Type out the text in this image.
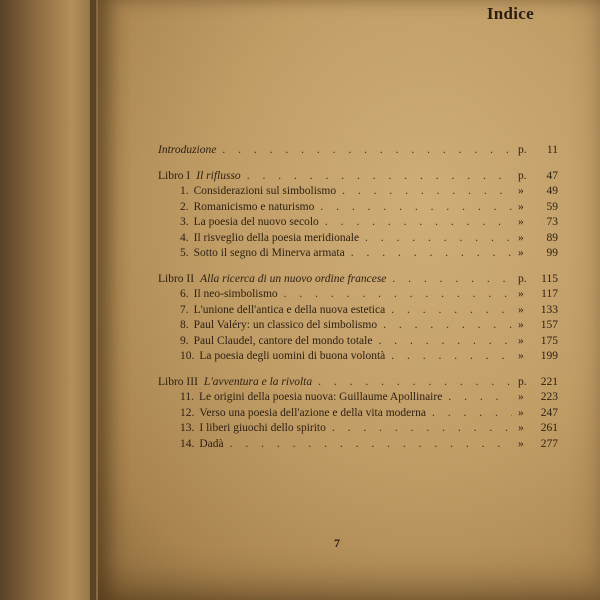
Indice
Introduzione . . .	p.	11
Libro I Il riflusso . . .	p.	47
1. Considerazioni sul simbolismo . . .	»	49
2. Romanicismo e naturismo . . .	»	59
3. La poesia del nuovo secolo . . .	»	73
4. Il risveglio della poesia meridionale . . .	»	89
5. Sotto il segno di Minerva armata . . .	»	99
Libro II Alla ricerca di un nuovo ordine francese . . .	p.	115
6. Il neo-simbolismo . . .	»	117
7. L'unione dell'antica e della nuova estetica . . .	»	133
8. Paul Valéry: un classico del simbolismo . . .	»	157
9. Paul Claudel, cantore del mondo totale . . .	»	175
10. La poesia degli uomini di buona volontà . . .	»	199
Libro III L'avventura e la rivolta . . .	p.	221
11. Le origini della poesia nuova: Guillaume Apollinaire . . .	»	223
12. Verso una poesia dell'azione e della vita moderna . . .	»	247
13. I liberi giuochi dello spirito . . .	»	261
14. Dadà . . .	»	277
7
